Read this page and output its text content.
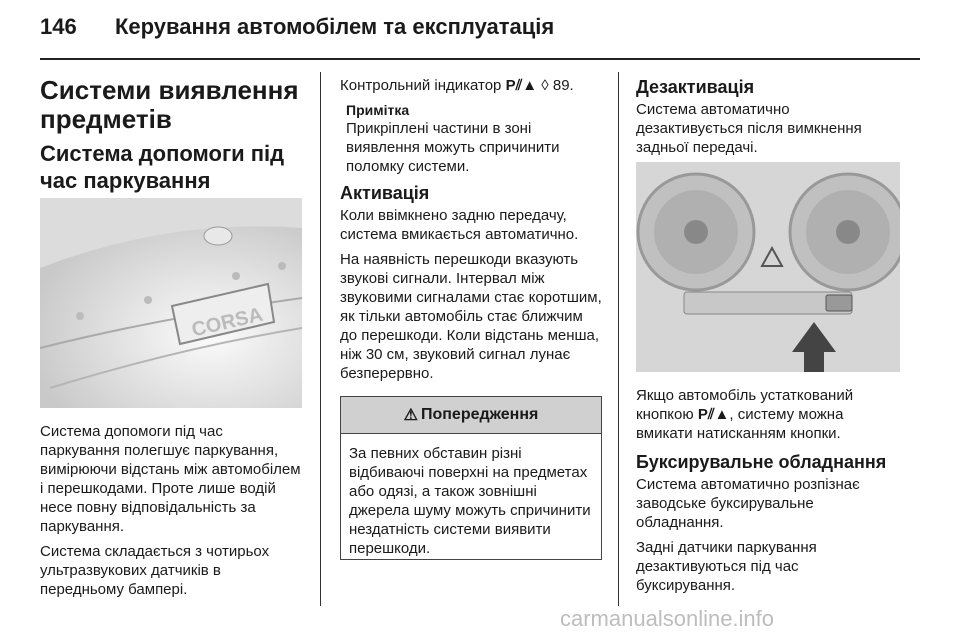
146 Керування автомобілем та експлуатація
Системи виявлення предметів
Система допомоги під час паркування
CORSA

Система допомоги під час паркування полегшує паркування, вимірюючи відстань між автомобілем і перешкодами. Проте лише водій несе повну відповідальність за паркування.

Система складається з чотирьох ультразвукових датчиків в передньому бампері.

Контрольний індикатор P⫽▲ ◊ 89.

Примітка
Прикріплені частини в зоні виявлення можуть спричинити поломку системи.
Активація

Коли ввімкнено задню передачу, система вмикається автоматично.

На наявність перешкоди вказують звукові сигнали. Інтервал між звуковими сигналами стає коротшим, як тільки автомобіль стає ближчим до перешкоди. Коли відстань менша, ніж 30 см, звуковий сигнал лунає безперервно.

⚠ Попередження
За певних обставин різні відбиваючі поверхні на предметах або одязі, а також зовнішні джерела шуму можуть спричинити нездатність системи виявити перешкоди.
Дезактивація

Система автоматично дезактивується після вимкнення задньої передачі.

Якщо автомобіль устаткований кнопкою P⫽▲, систему можна вмикати натисканням кнопки.

Буксирувальне обладнання

Система автоматично розпізнає заводське буксирувальне обладнання.

Задні датчики паркування дезактивуються під час буксирування.

carmanualsonline.info
